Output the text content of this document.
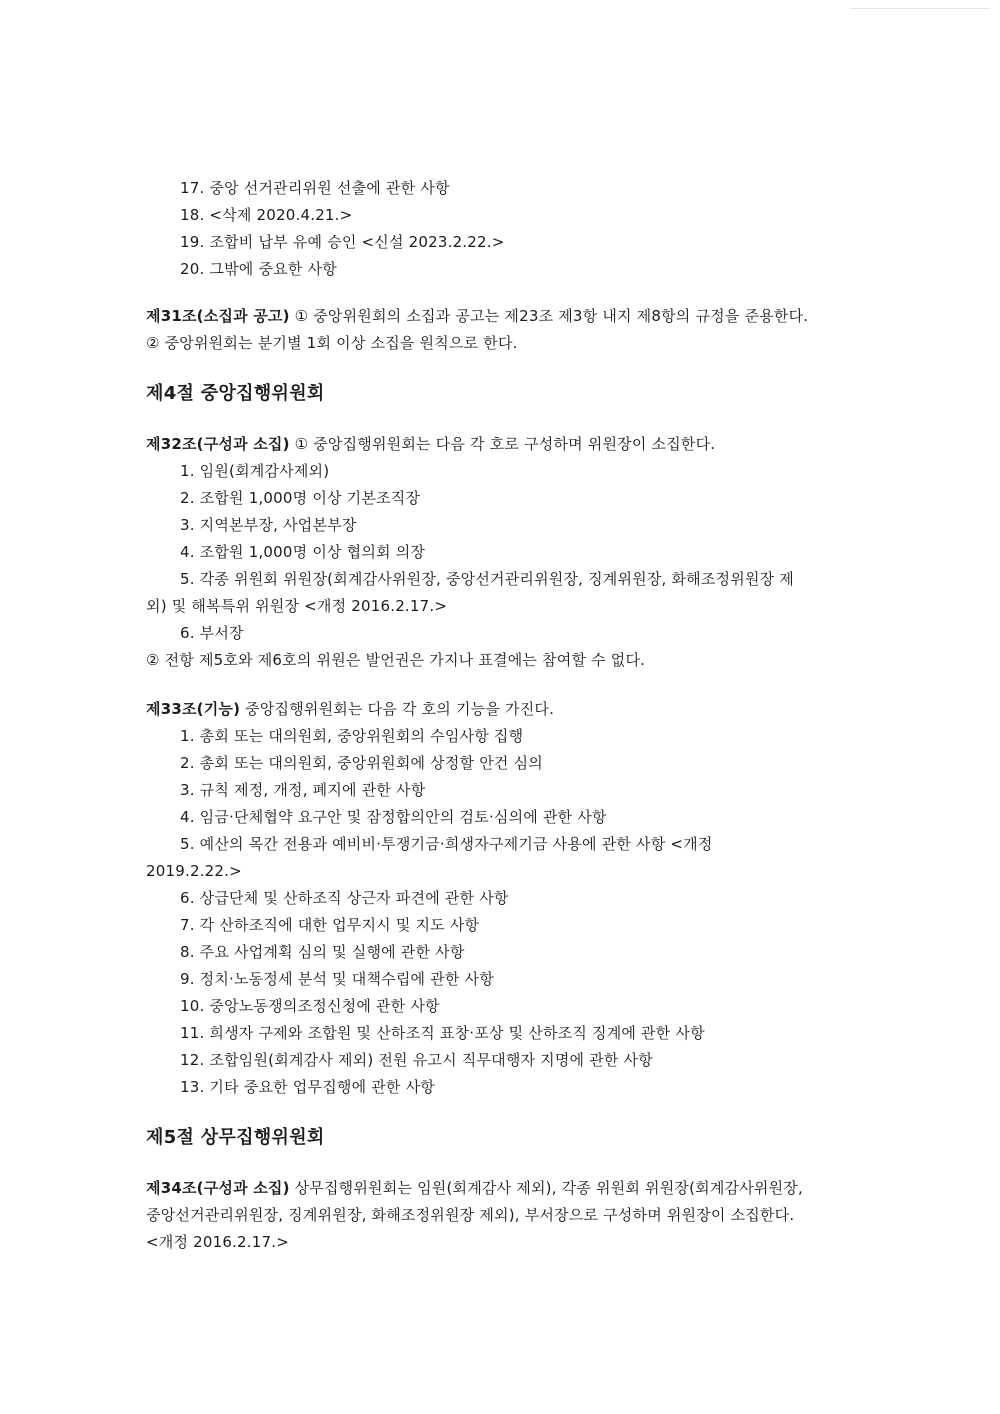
17. 중앙 선거관리위원 선출에 관한 사항
18. <삭제 2020.4.21.>
19. 조합비 납부 유예 승인 <신설 2023.2.22.>
20. 그밖에 중요한 사항
제31조(소집과 공고) ① 중앙위원회의 소집과 공고는 제23조 제3항 내지 제8항의 규정을 준용한다.
② 중앙위원회는 분기별 1회 이상 소집을 원칙으로 한다.
제4절 중앙집행위원회
제32조(구성과 소집) ① 중앙집행위원회는 다음 각 호로 구성하며 위원장이 소집한다.
1. 임원(회계감사제외)
2. 조합원 1,000명 이상 기본조직장
3. 지역본부장, 사업본부장
4. 조합원 1,000명 이상 협의회 의장
5. 각종 위원회 위원장(회계감사위원장, 중앙선거관리위원장, 징계위원장, 화해조정위원장 제
외) 및 해복특위 위원장 <개정 2016.2.17.>
6. 부서장
② 전항 제5호와 제6호의 위원은 발언권은 가지나 표결에는 참여할 수 없다.
제33조(기능) 중앙집행위원회는 다음 각 호의 기능을 가진다.
1. 총회 또는 대의원회, 중앙위원회의 수임사항 집행
2. 총회 또는 대의원회, 중앙위원회에 상정할 안건 심의
3. 규칙 제정, 개정, 폐지에 관한 사항
4. 임금·단체협약 요구안 및 잠정합의안의 검토·심의에 관한 사항
5. 예산의 목간 전용과 예비비·투쟁기금·희생자구제기금 사용에 관한 사항 <개정
2019.2.22.>
6. 상급단체 및 산하조직 상근자 파견에 관한 사항
7. 각 산하조직에 대한 업무지시 및 지도 사항
8. 주요 사업계획 심의 및 실행에 관한 사항
9. 정치·노동정세 분석 및 대책수립에 관한 사항
10. 중앙노동쟁의조정신청에 관한 사항
11. 희생자 구제와 조합원 및 산하조직 표창·포상 및 산하조직 징계에 관한 사항
12. 조합임원(회계감사 제외) 전원 유고시 직무대행자 지명에 관한 사항
13. 기타 중요한 업무집행에 관한 사항
제5절 상무집행위원회
제34조(구성과 소집) 상무집행위원회는 임원(회계감사 제외), 각종 위원회 위원장(회계감사위원장,
중앙선거관리위원장, 징계위원장, 화해조정위원장 제외), 부서장으로 구성하며 위원장이 소집한다.
<개정 2016.2.17.>
